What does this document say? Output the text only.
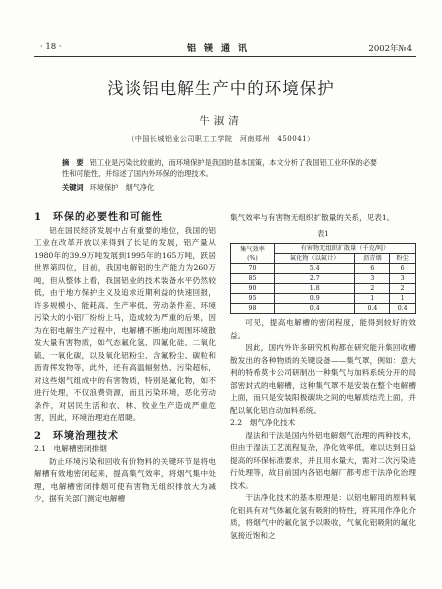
· 18 ·	铝镁通讯	2002年№4
浅谈铝电解生产中的环境保护
牛淑清
（中国长城铝业公司职工工学院　河南郑州　450041）
摘　要 铝工业是污染比较重的，而环境保护是我国的基本国策，本文分析了我国铝工业环保的必要性和可能性，并综述了国内外环保的治理技术。
关键词 环境保护　烟气净化

1　环保的必要性和可能性

铝在国民经济发展中占有重要的地位，我国的铝工业在改革开放以来得到了长足的发展，铝产量从1980年的39.9万吨发展到1995年的165万吨，跃居世界第四位，目前，我国电解铝的生产能力为260万吨，但从整体上看，我国铝业的技术装备水平仍然较低，由于地方保护主义及追求近期利益的快速回报，许多规模小、能耗高、生产率低、劳动条件差、环境污染大的小铝厂纷纷上马，造成较为严重的后果，因为在铝电解生产过程中，电解槽不断地向周围环境散发大量有害物质，如气态氟化氢、四氟化硅、二氧化硫、一氧化碳，以及氧化铝粉尘、含氟粉尘、碳粒和沥青挥发物等，此外，还有高温辐射热、污染超标，对这些烟气组成中的有害物质，特别是氟化物，如不进行处理，不仅浪费资源，而且污染环境，恶化劳动条件，对居民生活和农、林、牧业生产造成严重危害，因此，环境治理迫在眉睫。

2　环境治理技术

2.1　电解槽密闭排烟

防止环境污染和回收有价物料的关键环节是将电解槽有效地密闭起来，提高集气效率，将烟气集中处理，电解槽密闭排烟可使有害物无组织排放大为减少，据有关部门测定电解槽

集气效率与有害物无组织扩散量的关系，见表1。

表1
集气效率
(%)	有害物无组织扩散量（千克/吨）		
	氟化物（以氟计）	沥青烟	粉尘
70	5.4	6	6
85	2.7	3	3
90	1.8	2	2
95	0.9	1	1
98	0.4	0.4	0.4

可见，提高电解槽的密闭程度，能得到较好的效益。

因此，国内外许多研究机构都在研究能升集回收槽散发出的各种物质的关键设备——集气罩，例如：意大利的特希莫卡公司研制出一种集气与加料系统分开的局部密封式的电解槽，这种集气罩不是安装在整个电解槽上面，而只是安装阳极碳块之间的电解质结壳上面，并配以氧化铝自动加料系统。

2.2　烟气净化技术

湿法和干法是国内外铝电解烟气治理的两种技术，但由于湿法工艺流程复杂，净化效率低，难以达到日益提高的环保标准要求，并且用水量大，需对二次污染进行处理等，故目前国内各铝电解厂都考虑干法净化治理技术。

干法净化技术的基本原理是：以铝电解用的原料氧化铝具有对气体氟化氢有吸附的特性，将其用作净化介质，将烟气中的氟化氢予以吸收，气氧化铝吸附的氟化氢接近饱和之
